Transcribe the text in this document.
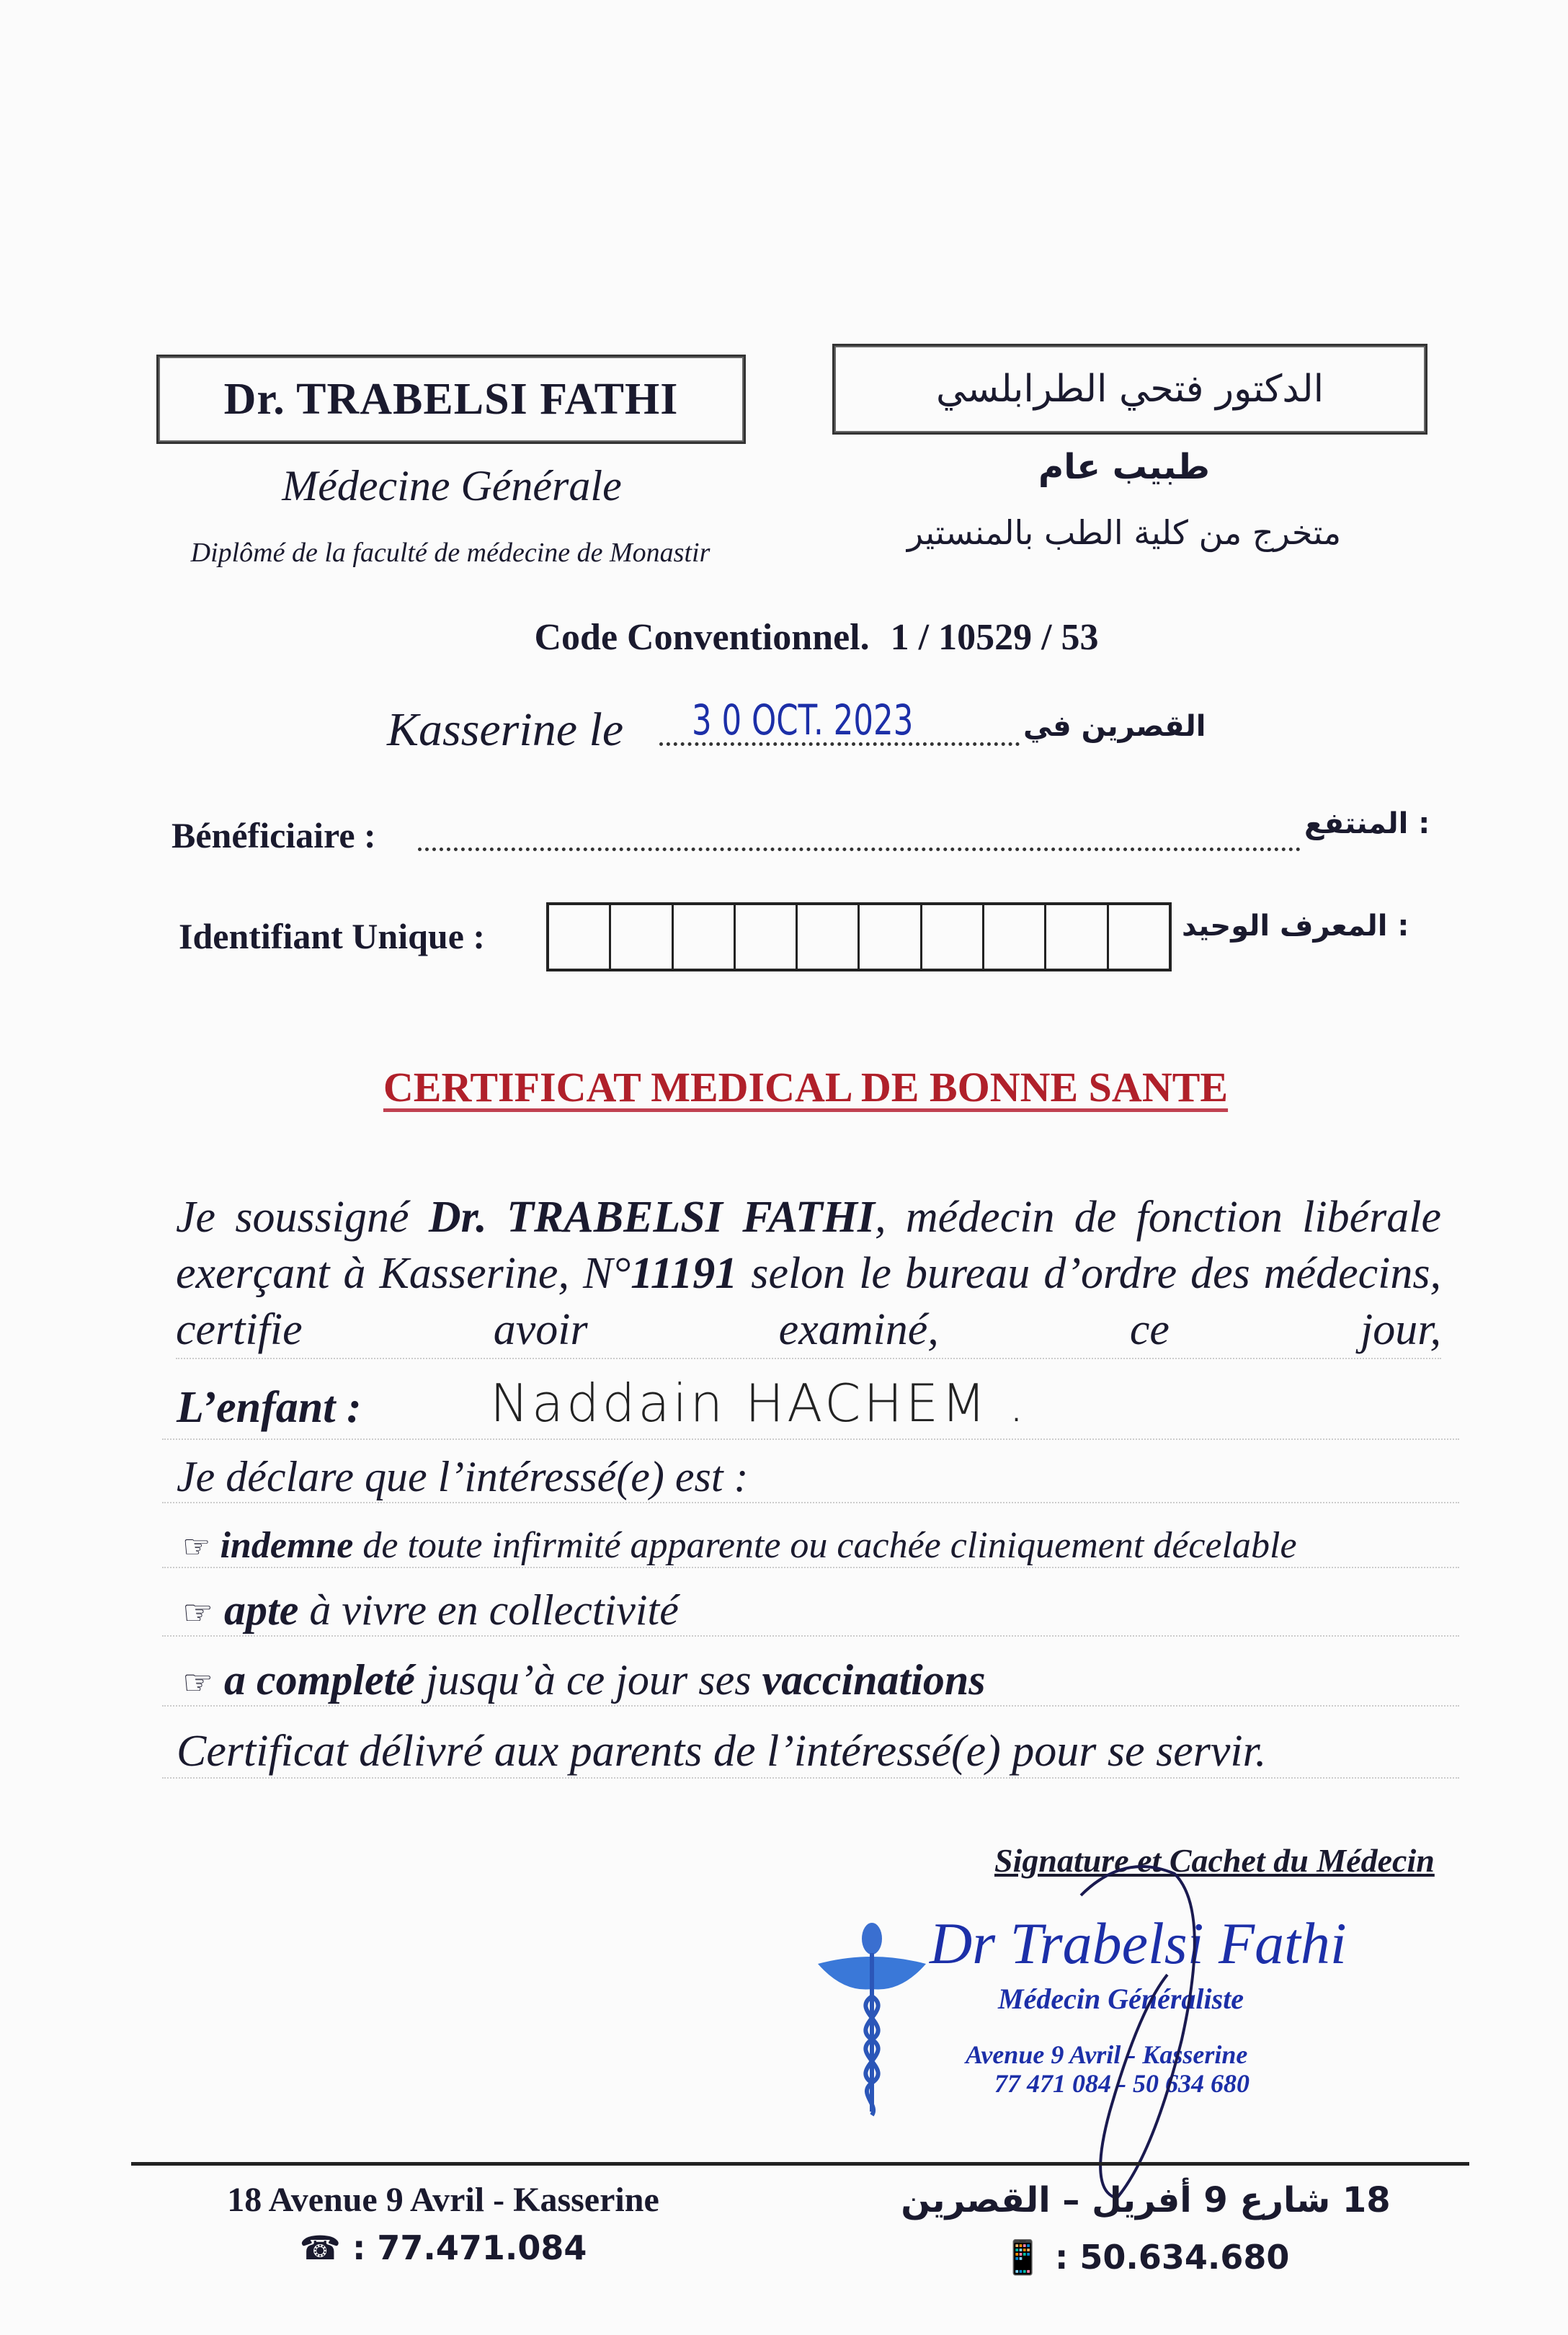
Dr. TRABELSI FATHI	الدكتور فتحي الطرابلسي
Médecine Générale
Diplômé de la faculté de médecine de Monastir
طبيب عام
متخرج من كلية الطب بالمنستير
Code Conventionnel. 1 / 10529 / 53
Kasserine le 3 0 OCT. 2023	القصرين في
Bénéficiaire :	: المنتفع
Identifiant Unique :	: المعرف الوحيد
CERTIFICAT MEDICAL DE BONNE SANTE
Je soussigné Dr. TRABELSI FATHI, médecin de fonction libérale exerçant à Kasserine, N°11191 selon le bureau d’ordre des médecins, certifie avoir examiné, ce jour,
L’enfant : Naddain HACHEM .
Je déclare que l’intéressé(e) est :
☞ indemne de toute infirmité apparente ou cachée cliniquement décelable
☞ apte à vivre en collectivité
☞ a completé jusqu’à ce jour ses vaccinations
Certificat délivré aux parents de l’intéressé(e) pour se servir.
Signature et Cachet du Médecin
Dr Trabelsi Fathi
Médecin Généraliste
Avenue 9 Avril - Kasserine
77 471 084 - 50 634 680
18 Avenue 9 Avril - Kasserine
☎ : 77.471.084
18 شارع 9 أفريل – القصرين
📱 : 50.634.680
